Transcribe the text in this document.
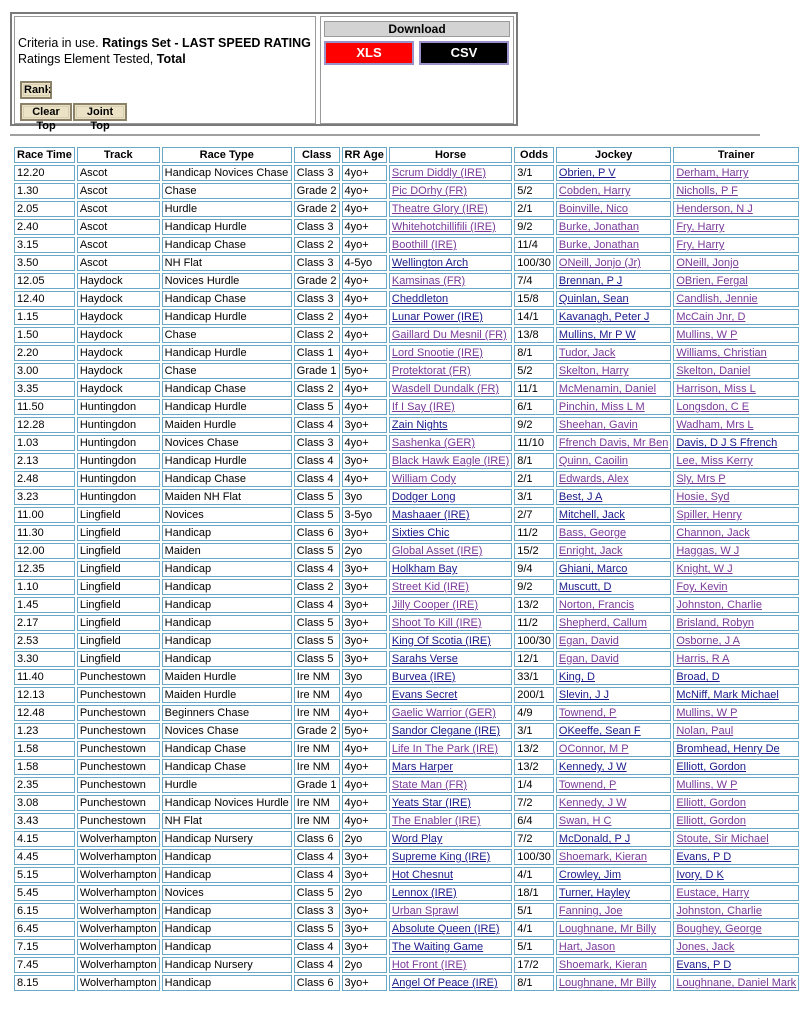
Criteria in use. Ratings Set - LAST SPEED RATING
Ratings Element Tested, Total
Rank
Clear Top
Joint Top
Download
XLS	CSV
Race Time	Track	Race Type	Class	RR Age	Horse	Odds	Jockey	Trainer
12.20	Ascot	Handicap Novices Chase	Class 3	4yo+	Scrum Diddly (IRE)	3/1	Obrien, P V	Derham, Harry
1.30	Ascot	Chase	Grade 2	4yo+	Pic DOrhy (FR)	5/2	Cobden, Harry	Nicholls, P F
2.05	Ascot	Hurdle	Grade 2	4yo+	Theatre Glory (IRE)	2/1	Boinville, Nico	Henderson, N J
2.40	Ascot	Handicap Hurdle	Class 3	4yo+	Whitehotchillifili (IRE)	9/2	Burke, Jonathan	Fry, Harry
3.15	Ascot	Handicap Chase	Class 2	4yo+	Boothill (IRE)	11/4	Burke, Jonathan	Fry, Harry
3.50	Ascot	NH Flat	Class 3	4-5yo	Wellington Arch	100/30	ONeill, Jonjo (Jr)	ONeill, Jonjo
12.05	Haydock	Novices Hurdle	Grade 2	4yo+	Kamsinas (FR)	7/4	Brennan, P J	OBrien, Fergal
12.40	Haydock	Handicap Chase	Class 3	4yo+	Cheddleton	15/8	Quinlan, Sean	Candlish, Jennie
1.15	Haydock	Handicap Hurdle	Class 2	4yo+	Lunar Power (IRE)	14/1	Kavanagh, Peter J	McCain Jnr, D
1.50	Haydock	Chase	Class 2	4yo+	Gaillard Du Mesnil (FR)	13/8	Mullins, Mr P W	Mullins, W P
2.20	Haydock	Handicap Hurdle	Class 1	4yo+	Lord Snootie (IRE)	8/1	Tudor, Jack	Williams, Christian
3.00	Haydock	Chase	Grade 1	5yo+	Protektorat (FR)	5/2	Skelton, Harry	Skelton, Daniel
3.35	Haydock	Handicap Chase	Class 2	4yo+	Wasdell Dundalk (FR)	11/1	McMenamin, Daniel	Harrison, Miss L
11.50	Huntingdon	Handicap Hurdle	Class 5	4yo+	If I Say (IRE)	6/1	Pinchin, Miss L M	Longsdon, C E
12.28	Huntingdon	Maiden Hurdle	Class 4	3yo+	Zain Nights	9/2	Sheehan, Gavin	Wadham, Mrs L
1.03	Huntingdon	Novices Chase	Class 3	4yo+	Sashenka (GER)	11/10	Ffrench Davis, Mr Ben	Davis, D J S Ffrench
2.13	Huntingdon	Handicap Hurdle	Class 4	3yo+	Black Hawk Eagle (IRE)	8/1	Quinn, Caoilin	Lee, Miss Kerry
2.48	Huntingdon	Handicap Chase	Class 4	4yo+	William Cody	2/1	Edwards, Alex	Sly, Mrs P
3.23	Huntingdon	Maiden NH Flat	Class 5	3yo	Dodger Long	3/1	Best, J A	Hosie, Syd
11.00	Lingfield	Novices	Class 5	3-5yo	Mashaaer (IRE)	2/7	Mitchell, Jack	Spiller, Henry
11.30	Lingfield	Handicap	Class 6	3yo+	Sixties Chic	11/2	Bass, George	Channon, Jack
12.00	Lingfield	Maiden	Class 5	2yo	Global Asset (IRE)	15/2	Enright, Jack	Haggas, W J
12.35	Lingfield	Handicap	Class 4	3yo+	Holkham Bay	9/4	Ghiani, Marco	Knight, W J
1.10	Lingfield	Handicap	Class 2	3yo+	Street Kid (IRE)	9/2	Muscutt, D	Foy, Kevin
1.45	Lingfield	Handicap	Class 4	3yo+	Jilly Cooper (IRE)	13/2	Norton, Francis	Johnston, Charlie
2.17	Lingfield	Handicap	Class 5	3yo+	Shoot To Kill (IRE)	11/2	Shepherd, Callum	Brisland, Robyn
2.53	Lingfield	Handicap	Class 5	3yo+	King Of Scotia (IRE)	100/30	Egan, David	Osborne, J A
3.30	Lingfield	Handicap	Class 5	3yo+	Sarahs Verse	12/1	Egan, David	Harris, R A
11.40	Punchestown	Maiden Hurdle	Ire NM	3yo	Burvea (IRE)	33/1	King, D	Broad, D
12.13	Punchestown	Maiden Hurdle	Ire NM	4yo	Evans Secret	200/1	Slevin, J J	McNiff, Mark Michael
12.48	Punchestown	Beginners Chase	Ire NM	4yo+	Gaelic Warrior (GER)	4/9	Townend, P	Mullins, W P
1.23	Punchestown	Novices Chase	Grade 2	5yo+	Sandor Clegane (IRE)	3/1	OKeeffe, Sean F	Nolan, Paul
1.58	Punchestown	Handicap Chase	Ire NM	4yo+	Life In The Park (IRE)	13/2	OConnor, M P	Bromhead, Henry De
1.58	Punchestown	Handicap Chase	Ire NM	4yo+	Mars Harper	13/2	Kennedy, J W	Elliott, Gordon
2.35	Punchestown	Hurdle	Grade 1	4yo+	State Man (FR)	1/4	Townend, P	Mullins, W P
3.08	Punchestown	Handicap Novices Hurdle	Ire NM	4yo+	Yeats Star (IRE)	7/2	Kennedy, J W	Elliott, Gordon
3.43	Punchestown	NH Flat	Ire NM	4yo+	The Enabler (IRE)	6/4	Swan, H C	Elliott, Gordon
4.15	Wolverhampton	Handicap Nursery	Class 6	2yo	Word Play	7/2	McDonald, P J	Stoute, Sir Michael
4.45	Wolverhampton	Handicap	Class 4	3yo+	Supreme King (IRE)	100/30	Shoemark, Kieran	Evans, P D
5.15	Wolverhampton	Handicap	Class 4	3yo+	Hot Chesnut	4/1	Crowley, Jim	Ivory, D K
5.45	Wolverhampton	Novices	Class 5	2yo	Lennox (IRE)	18/1	Turner, Hayley	Eustace, Harry
6.15	Wolverhampton	Handicap	Class 3	3yo+	Urban Sprawl	5/1	Fanning, Joe	Johnston, Charlie
6.45	Wolverhampton	Handicap	Class 5	3yo+	Absolute Queen (IRE)	4/1	Loughnane, Mr Billy	Boughey, George
7.15	Wolverhampton	Handicap	Class 4	3yo+	The Waiting Game	5/1	Hart, Jason	Jones, Jack
7.45	Wolverhampton	Handicap Nursery	Class 4	2yo	Hot Front (IRE)	17/2	Shoemark, Kieran	Evans, P D
8.15	Wolverhampton	Handicap	Class 6	3yo+	Angel Of Peace (IRE)	8/1	Loughnane, Mr Billy	Loughnane, Daniel Mark
